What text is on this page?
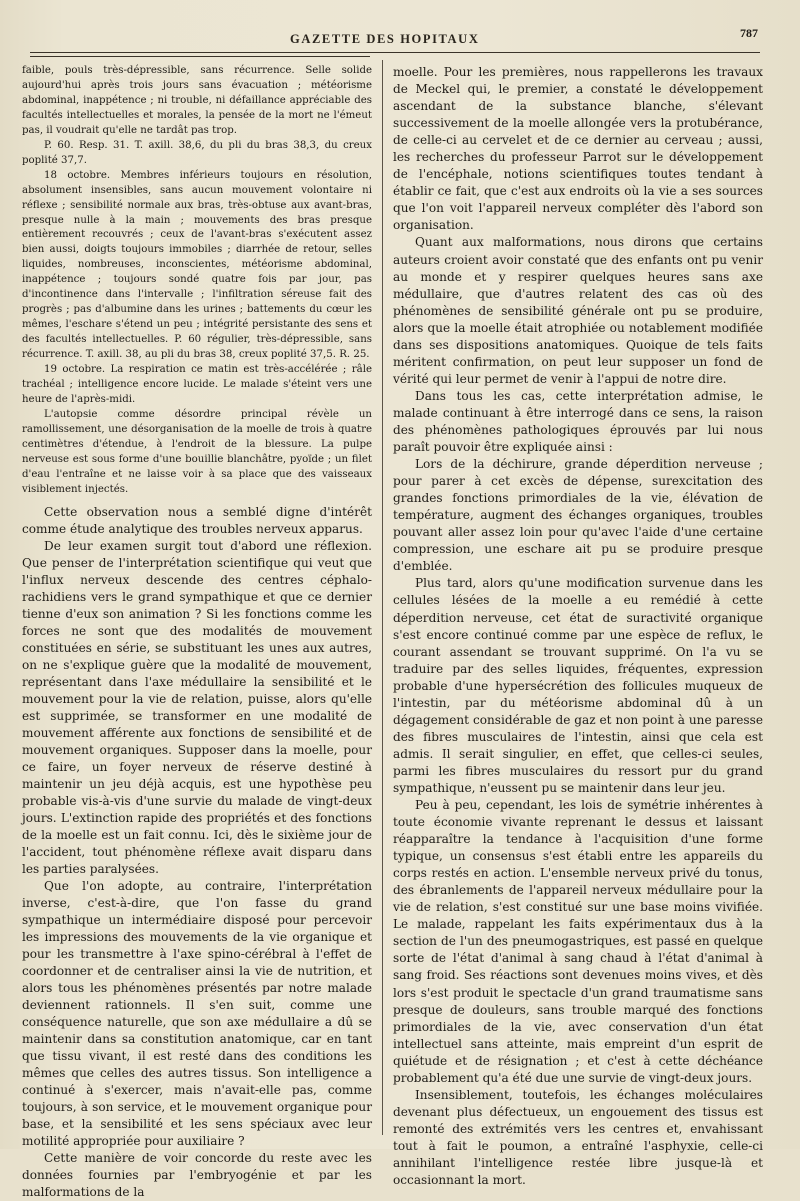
GAZETTE DES HOPITAUX	787

faible, pouls très-dépressible, sans récurrence. Selle solide aujourd'hui après trois jours sans évacuation ; météorisme abdominal, inappétence ; ni trouble, ni défaillance appréciable des facultés intellectuelles et morales, la pensée de la mort ne l'émeut pas, il voudrait qu'elle ne tardât pas trop.

P. 60. Resp. 31. T. axill. 38,6, du pli du bras 38,3, du creux poplité 37,7.

18 octobre. Membres inférieurs toujours en résolution, absolument insensibles, sans aucun mouvement volontaire ni réflexe ; sensibilité normale aux bras, très-obtuse aux avant-bras, presque nulle à la main ; mouvements des bras presque entièrement recouvrés ; ceux de l'avant-bras s'exécutent assez bien aussi, doigts toujours immobiles ; diarrhée de retour, selles liquides, nombreuses, inconscientes, météorisme abdominal, inappétence ; toujours sondé quatre fois par jour, pas d'incontinence dans l'intervalle ; l'infiltration séreuse fait des progrès ; pas d'albumine dans les urines ; battements du cœur les mêmes, l'eschare s'étend un peu ; intégrité persistante des sens et des facultés intellectuelles. P. 60 régulier, très-dépressible, sans récurrence. T. axill. 38, au pli du bras 38, creux poplité 37,5. R. 25.

19 octobre. La respiration ce matin est très-accélérée ; râle trachéal ; intelligence encore lucide. Le malade s'éteint vers une heure de l'après-midi.

L'autopsie comme désordre principal révèle un ramollissement, une désorganisation de la moelle de trois à quatre centimètres d'étendue, à l'endroit de la blessure. La pulpe nerveuse est sous forme d'une bouillie blanchâtre, pyoïde ; un filet d'eau l'entraîne et ne laisse voir à sa place que des vaisseaux visiblement injectés.

Cette observation nous a semblé digne d'intérêt comme étude analytique des troubles nerveux apparus.

De leur examen surgit tout d'abord une réflexion. Que penser de l'interprétation scientifique qui veut que l'influx nerveux descende des centres céphalo-rachidiens vers le grand sympathique et que ce dernier tienne d'eux son animation ? Si les fonctions comme les forces ne sont que des modalités de mouvement constituées en série, se substituant les unes aux autres, on ne s'explique guère que la modalité de mouvement, représentant dans l'axe médullaire la sensibilité et le mouvement pour la vie de relation, puisse, alors qu'elle est supprimée, se transformer en une modalité de mouvement afférente aux fonctions de sensibilité et de mouvement organiques. Supposer dans la moelle, pour ce faire, un foyer nerveux de réserve destiné à maintenir un jeu déjà acquis, est une hypothèse peu probable vis-à-vis d'une survie du malade de vingt-deux jours. L'extinction rapide des propriétés et des fonctions de la moelle est un fait connu. Ici, dès le sixième jour de l'accident, tout phénomène réflexe avait disparu dans les parties paralysées.

Que l'on adopte, au contraire, l'interprétation inverse, c'est-à-dire, que l'on fasse du grand sympathique un intermédiaire disposé pour percevoir les impressions des mouvements de la vie organique et pour les transmettre à l'axe spino-cérébral à l'effet de coordonner et de centraliser ainsi la vie de nutrition, et alors tous les phénomènes présentés par notre malade deviennent rationnels. Il s'en suit, comme une conséquence naturelle, que son axe médullaire a dû se maintenir dans sa constitution anatomique, car en tant que tissu vivant, il est resté dans des conditions les mêmes que celles des autres tissus. Son intelligence a continué à s'exercer, mais n'avait-elle pas, comme toujours, à son service, et le mouvement organique pour base, et la sensibilité et les sens spéciaux avec leur motilité appropriée pour auxiliaire ?

Cette manière de voir concorde du reste avec les données fournies par l'embryogénie et par les malformations de la

moelle. Pour les premières, nous rappellerons les travaux de Meckel qui, le premier, a constaté le développement ascendant de la substance blanche, s'élevant successivement de la moelle allongée vers la protubérance, de celle-ci au cervelet et de ce dernier au cerveau ; aussi, les recherches du professeur Parrot sur le développement de l'encéphale, notions scientifiques toutes tendant à établir ce fait, que c'est aux endroits où la vie a ses sources que l'on voit l'appareil nerveux compléter dès l'abord son organisation.

Quant aux malformations, nous dirons que certains auteurs croient avoir constaté que des enfants ont pu venir au monde et y respirer quelques heures sans axe médullaire, que d'autres relatent des cas où des phénomènes de sensibilité générale ont pu se produire, alors que la moelle était atrophiée ou notablement modifiée dans ses dispositions anatomiques. Quoique de tels faits méritent confirmation, on peut leur supposer un fond de vérité qui leur permet de venir à l'appui de notre dire.

Dans tous les cas, cette interprétation admise, le malade continuant à être interrogé dans ce sens, la raison des phénomènes pathologiques éprouvés par lui nous paraît pouvoir être expliquée ainsi :

Lors de la déchirure, grande déperdition nerveuse ; pour parer à cet excès de dépense, surexcitation des grandes fonctions primordiales de la vie, élévation de température, augment des échanges organiques, troubles pouvant aller assez loin pour qu'avec l'aide d'une certaine compression, une eschare ait pu se produire presque d'emblée.

Plus tard, alors qu'une modification survenue dans les cellules lésées de la moelle a eu remédié à cette déperdition nerveuse, cet état de suractivité organique s'est encore continué comme par une espèce de reflux, le courant assendant se trouvant supprimé. On l'a vu se traduire par des selles liquides, fréquentes, expression probable d'une hypersécrétion des follicules muqueux de l'intestin, par du météorisme abdominal dû à un dégagement considérable de gaz et non point à une paresse des fibres musculaires de l'intestin, ainsi que cela est admis. Il serait singulier, en effet, que celles-ci seules, parmi les fibres musculaires du ressort pur du grand sympathique, n'eussent pu se maintenir dans leur jeu.

Peu à peu, cependant, les lois de symétrie inhérentes à toute économie vivante reprenant le dessus et laissant réapparaître la tendance à l'acquisition d'une forme typique, un consensus s'est établi entre les appareils du corps restés en action. L'ensemble nerveux privé du tonus, des ébranlements de l'appareil nerveux médullaire pour la vie de relation, s'est constitué sur une base moins vivifiée. Le malade, rappelant les faits expérimentaux dus à la section de l'un des pneumogastriques, est passé en quelque sorte de l'état d'animal à sang chaud à l'état d'animal à sang froid. Ses réactions sont devenues moins vives, et dès lors s'est produit le spectacle d'un grand traumatisme sans presque de douleurs, sans trouble marqué des fonctions primordiales de la vie, avec conservation d'un état intellectuel sans atteinte, mais empreint d'un esprit de quiétude et de résignation ; et c'est à cette déchéance probablement qu'a été due une survie de vingt-deux jours.

Insensiblement, toutefois, les échanges moléculaires devenant plus défectueux, un engouement des tissus est remonté des extrémités vers les centres et, envahissant tout à fait le poumon, a entraîné l'asphyxie, celle-ci annihilant l'intelligence restée libre jusque-là et occasionnant la mort.
